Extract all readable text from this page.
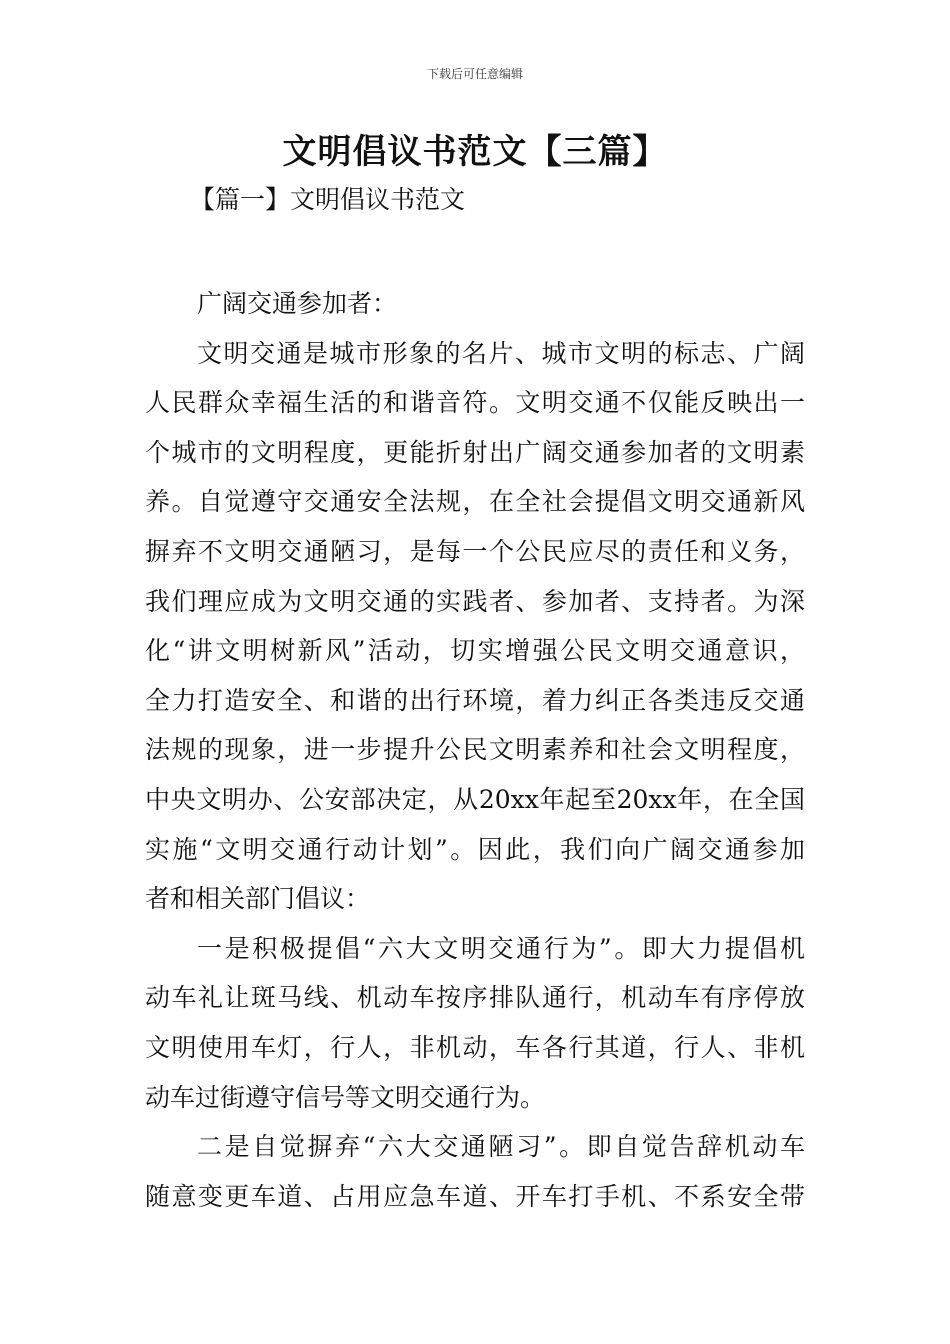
下载后可任意编辑
文明倡议书范文【三篇】
【篇一】文明倡议书范文
广阔交通参加者：
文明交通是城市形象的名片、城市文明的标志、广阔
人民群众幸福生活的和谐音符。文明交通不仅能反映出一
个城市的文明程度，更能折射出广阔交通参加者的文明素
养。自觉遵守交通安全法规，在全社会提倡文明交通新风
摒弃不文明交通陋习，是每一个公民应尽的责任和义务，
我们理应成为文明交通的实践者、参加者、支持者。为深
化“讲文明树新风”活动，切实增强公民文明交通意识，
全力打造安全、和谐的出行环境，着力纠正各类违反交通
法规的现象，进一步提升公民文明素养和社会文明程度，
中央文明办、公安部决定，从20xx年起至20xx年，在全国
实施“文明交通行动计划”。因此，我们向广阔交通参加
者和相关部门倡议：
一是积极提倡“六大文明交通行为”。即大力提倡机
动车礼让斑马线、机动车按序排队通行，机动车有序停放
文明使用车灯，行人，非机动，车各行其道，行人、非机
动车过街遵守信号等文明交通行为。
二是自觉摒弃“六大交通陋习”。即自觉告辞机动车
随意变更车道、占用应急车道、开车打手机、不系安全带
